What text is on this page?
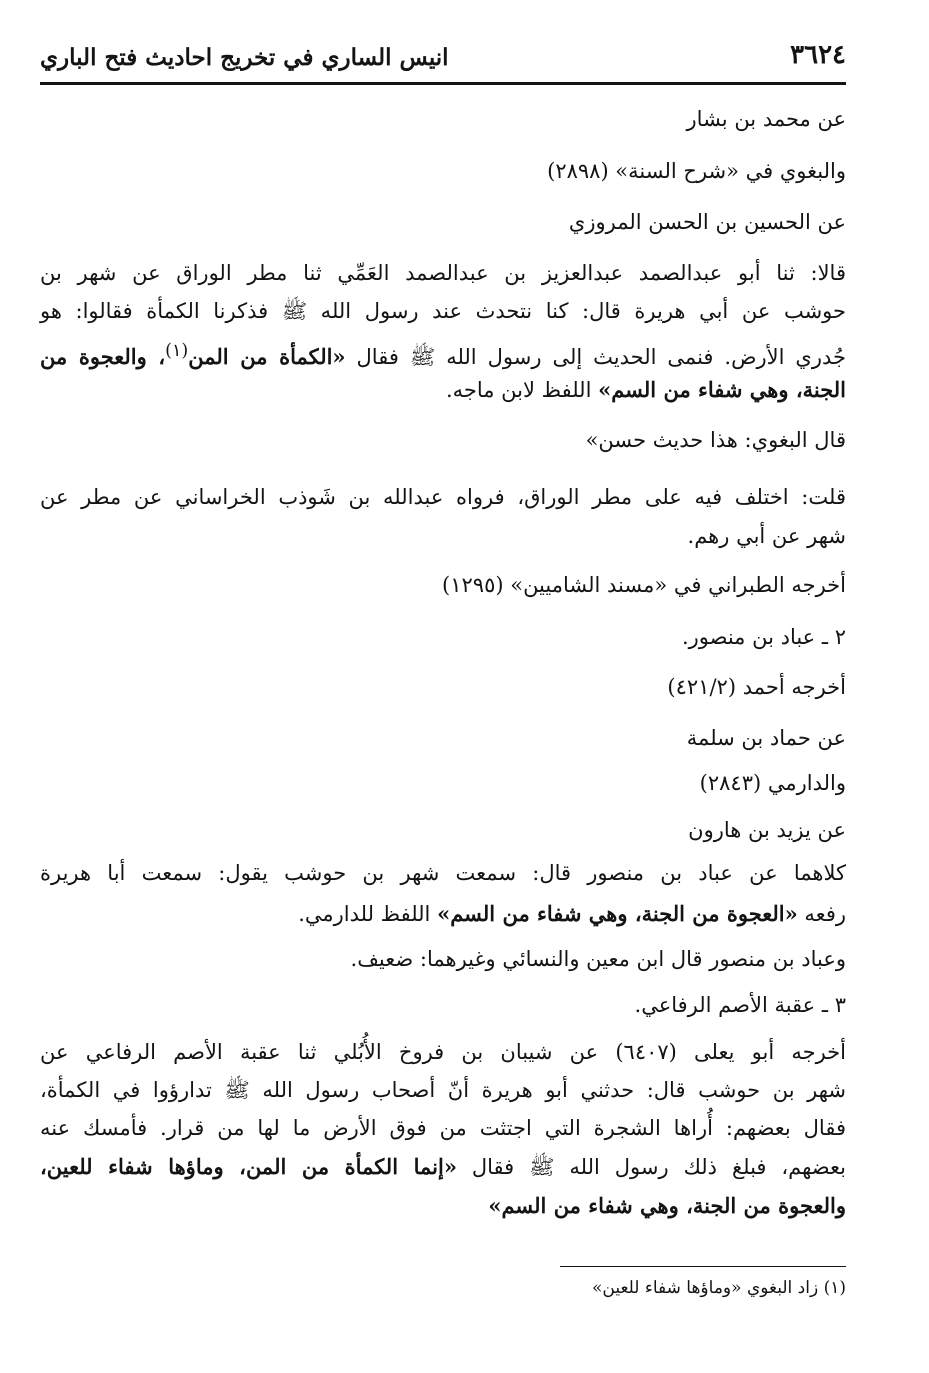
٣٦٢٤
انيس الساري في تخريج احاديث فتح الباري
عن محمد بن بشار
والبغوي في «شرح السنة» (٢٨٩٨)
عن الحسين بن الحسن المروزي
قالا: ثنا أبو عبدالصمد عبدالعزيز بن عبدالصمد العَمِّي ثنا مطر الوراق عن شهر بن
حوشب عن أبي هريرة قال: كنا نتحدث عند رسول الله ﷺ فذكرنا الكمأة فقالوا: هو
جُدري الأرض. فنمى الحديث إلى رسول الله ﷺ فقال «الكمأة من المن$^{(١)}$، والعجوة من
الجنة، وهي شفاء من السم» اللفظ لابن ماجه.
قال البغوي: هذا حديث حسن»
قلت: اختلف فيه على مطر الوراق، فرواه عبدالله بن شَوذب الخراساني عن مطر عن
شهر عن أبي رهم.
أخرجه الطبراني في «مسند الشاميين» (١٢٩٥)
٢ ـ عباد بن منصور.
أخرجه أحمد (٤٢١/٢)
عن حماد بن سلمة
والدارمي (٢٨٤٣)
عن يزيد بن هارون
كلاهما عن عباد بن منصور قال: سمعت شهر بن حوشب يقول: سمعت أبا هريرة
رفعه «العجوة من الجنة، وهي شفاء من السم» اللفظ للدارمي.
وعباد بن منصور قال ابن معين والنسائي وغيرهما: ضعيف.
٣ ـ عقبة الأصم الرفاعي.
أخرجه أبو يعلى (٦٤٠٧) عن شيبان بن فروخ الأُبُلي ثنا عقبة الأصم الرفاعي عن
شهر بن حوشب قال: حدثني أبو هريرة أنّ أصحاب رسول الله ﷺ تدارؤوا في الكمأة،
فقال بعضهم: أُراها الشجرة التي اجتثت من فوق الأرض ما لها من قرار. فأمسك عنه
بعضهم، فبلغ ذلك رسول الله ﷺ فقال «إنما الكمأة من المن، وماؤها شفاء للعين،
والعجوة من الجنة، وهي شفاء من السم»
(١) زاد البغوي «وماؤها شفاء للعين»
